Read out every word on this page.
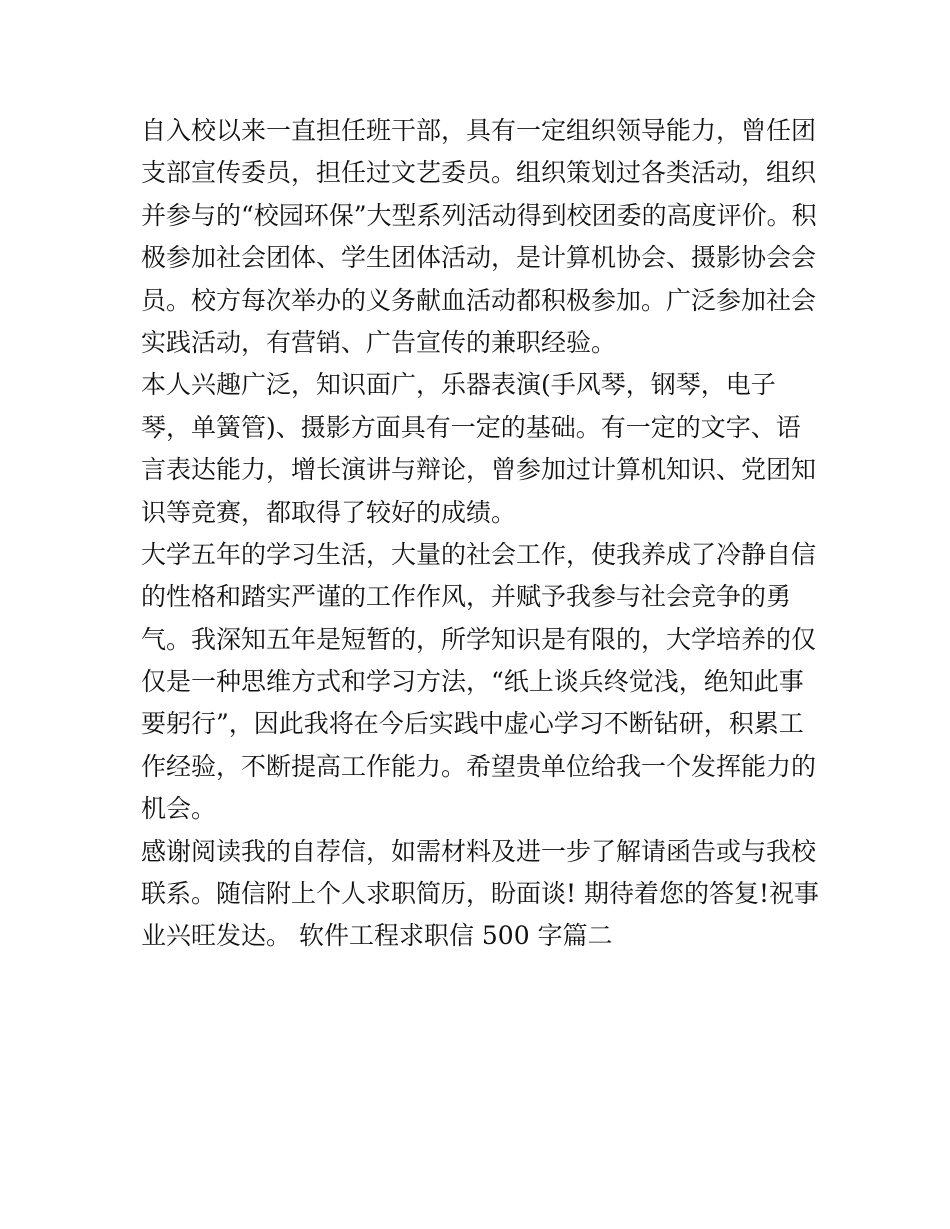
自入校以来一直担任班干部，具有一定组织领导能力，曾任团
支部宣传委员，担任过文艺委员。组织策划过各类活动，组织
并参与的“校园环保”大型系列活动得到校团委的高度评价。积
极参加社会团体、学生团体活动，是计算机协会、摄影协会会
员。校方每次举办的义务献血活动都积极参加。广泛参加社会
实践活动，有营销、广告宣传的兼职经验。
本人兴趣广泛，知识面广，乐器表演(手风琴，钢琴，电子
琴，单簧管)、摄影方面具有一定的基础。有一定的文字、语
言表达能力，增长演讲与辩论，曾参加过计算机知识、党团知
识等竞赛，都取得了较好的成绩。
大学五年的学习生活，大量的社会工作，使我养成了冷静自信
的性格和踏实严谨的工作作风，并赋予我参与社会竞争的勇
气。我深知五年是短暂的，所学知识是有限的，大学培养的仅
仅是一种思维方式和学习方法，“纸上谈兵终觉浅，绝知此事
要躬行”，因此我将在今后实践中虚心学习不断钻研，积累工
作经验，不断提高工作能力。希望贵单位给我一个发挥能力的
机会。
感谢阅读我的自荐信，如需材料及进一步了解请函告或与我校
联系。随信附上个人求职简历，盼面谈! 期待着您的答复!祝事
业兴旺发达。 软件工程求职信 500 字篇二
